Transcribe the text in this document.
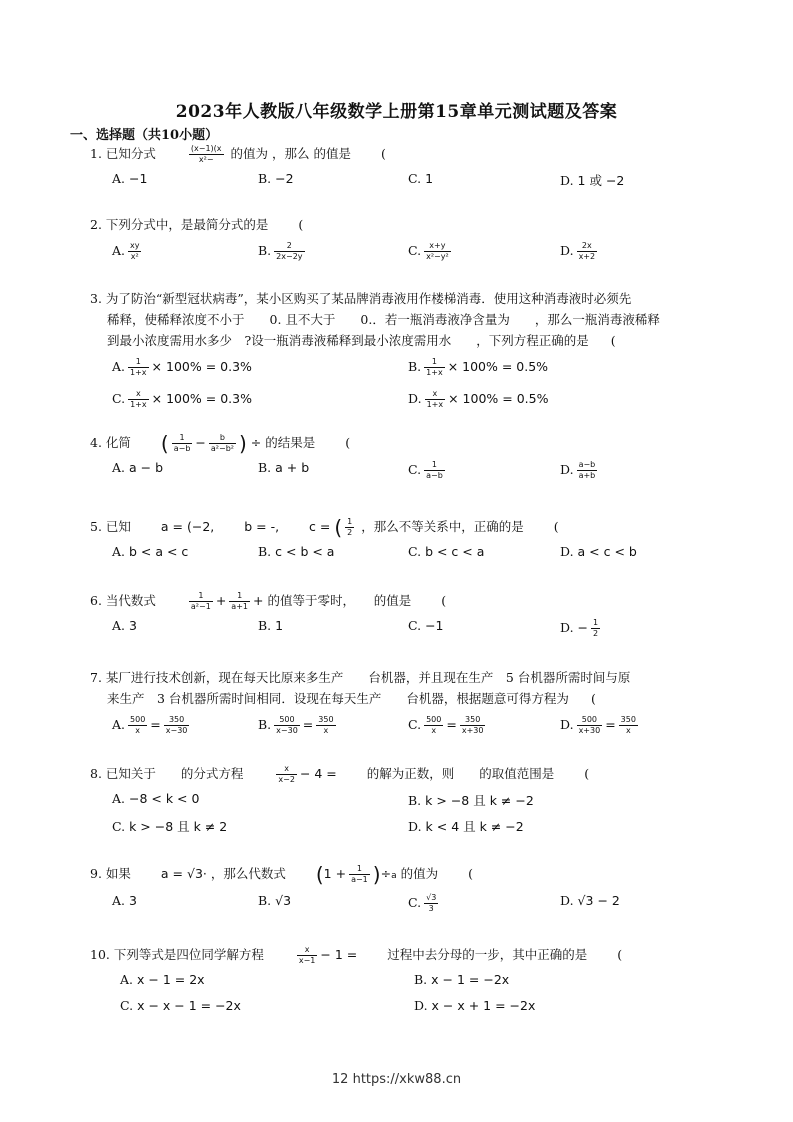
2023年人教版八年级数学上册第15章单元测试题及答案
一、选择题（共10小题）
1. 已知分式	$\frac{(x-1)(x}{\text{x²−}}$ 的值为 ，那么 的值是 (
A. −1	B. −2	C. 1	D. 1 或 −2
2. 下列分式中，是最简分式的是 (
A. $\frac{xy}{\text{x²}}$	B. $\frac{2}{2x-2y}$	C. $\frac{x+y}{\text{x²−y²}}$	D. $\frac{2x}{x+2}$
3. 为了防治“新型冠状病毒”，某小区购买了某品牌消毒液用作楼梯消毒．使用这种消毒液时必须先
稀释，使稀释浓度不小于　　0. 且不大于　　0.．若一瓶消毒液净含量为　　，那么一瓶消毒液稀释
到最小浓度需用水多少　?设一瓶消毒液稀释到最小浓度需用水　　，下列方程正确的是 (
A. $\frac{1}{1+x} \times 100\% = 0.3\%$	B. $\frac{1}{1+x} \times 100\% = 0.5\%$
C. $\frac{x}{1+x} \times 100\% = 0.3\%$	D. $\frac{x}{1+x} \times 100\% = 0.5\%$
4. 化简 ( $\frac{1}{a-b} - \frac{b}{\text{a²−b²}}$ ) ÷ 的结果是 (
A. a − b	B. a + b	C. $\frac{1}{a-b}$	D. $\frac{a-b}{a+b}$
5. 已知 a = (−2, b = -, c = ( $\frac{1}{2}$ ，那么不等关系中，正确的是 (
A. b < a < c	B. c < b < a	C. b < c < a	D. a < c < b
6. 当代数式	$\frac{1}{\text{a²−1}} + \frac{1}{a+1}$ + 的值等于零时，　　的值是 (
A. 3	B. 1	C. −1	D. − $\frac{1}{2}$
7. 某厂进行技术创新，现在每天比原来多生产　　台机器，并且现在生产　5 台机器所需时间与原
来生产　3 台机器所需时间相同．设现在每天生产　　台机器，根据题意可得方程为 (
A. $\frac{500}{x} = \frac{350}{x-30}$	B. $\frac{500}{x-30} = \frac{350}{x}$	C. $\frac{500}{x} = \frac{350}{x+30}$	D. $\frac{500}{x+30} = \frac{350}{x}$
8. 已知关于　　的分式方程	$\frac{x}{x-2} - 4$ = 的解为正数，则　　的取值范围是 (
A. −8 < k < 0	B. k > −8 且 k ≠ −2
C. k > −8 且 k ≠ 2	D. k < 4 且 k ≠ −2
9. 如果 a = √3· ，那么代数式 $(1 + \frac{1}{a-1} )\div a$ 的值为 (
A. 3	B. √3	C. $\frac{√3}{3}$	D. √3 − 2
10. 下列等式是四位同学解方程	$\frac{x}{x-1} - 1$ = 过程中去分母的一步，其中正确的是 (
A. x − 1 = 2x	B. x − 1 = −2x
C. x − x − 1 = −2x	D. x − x + 1 = −2x
12 https://xkw88.cn
